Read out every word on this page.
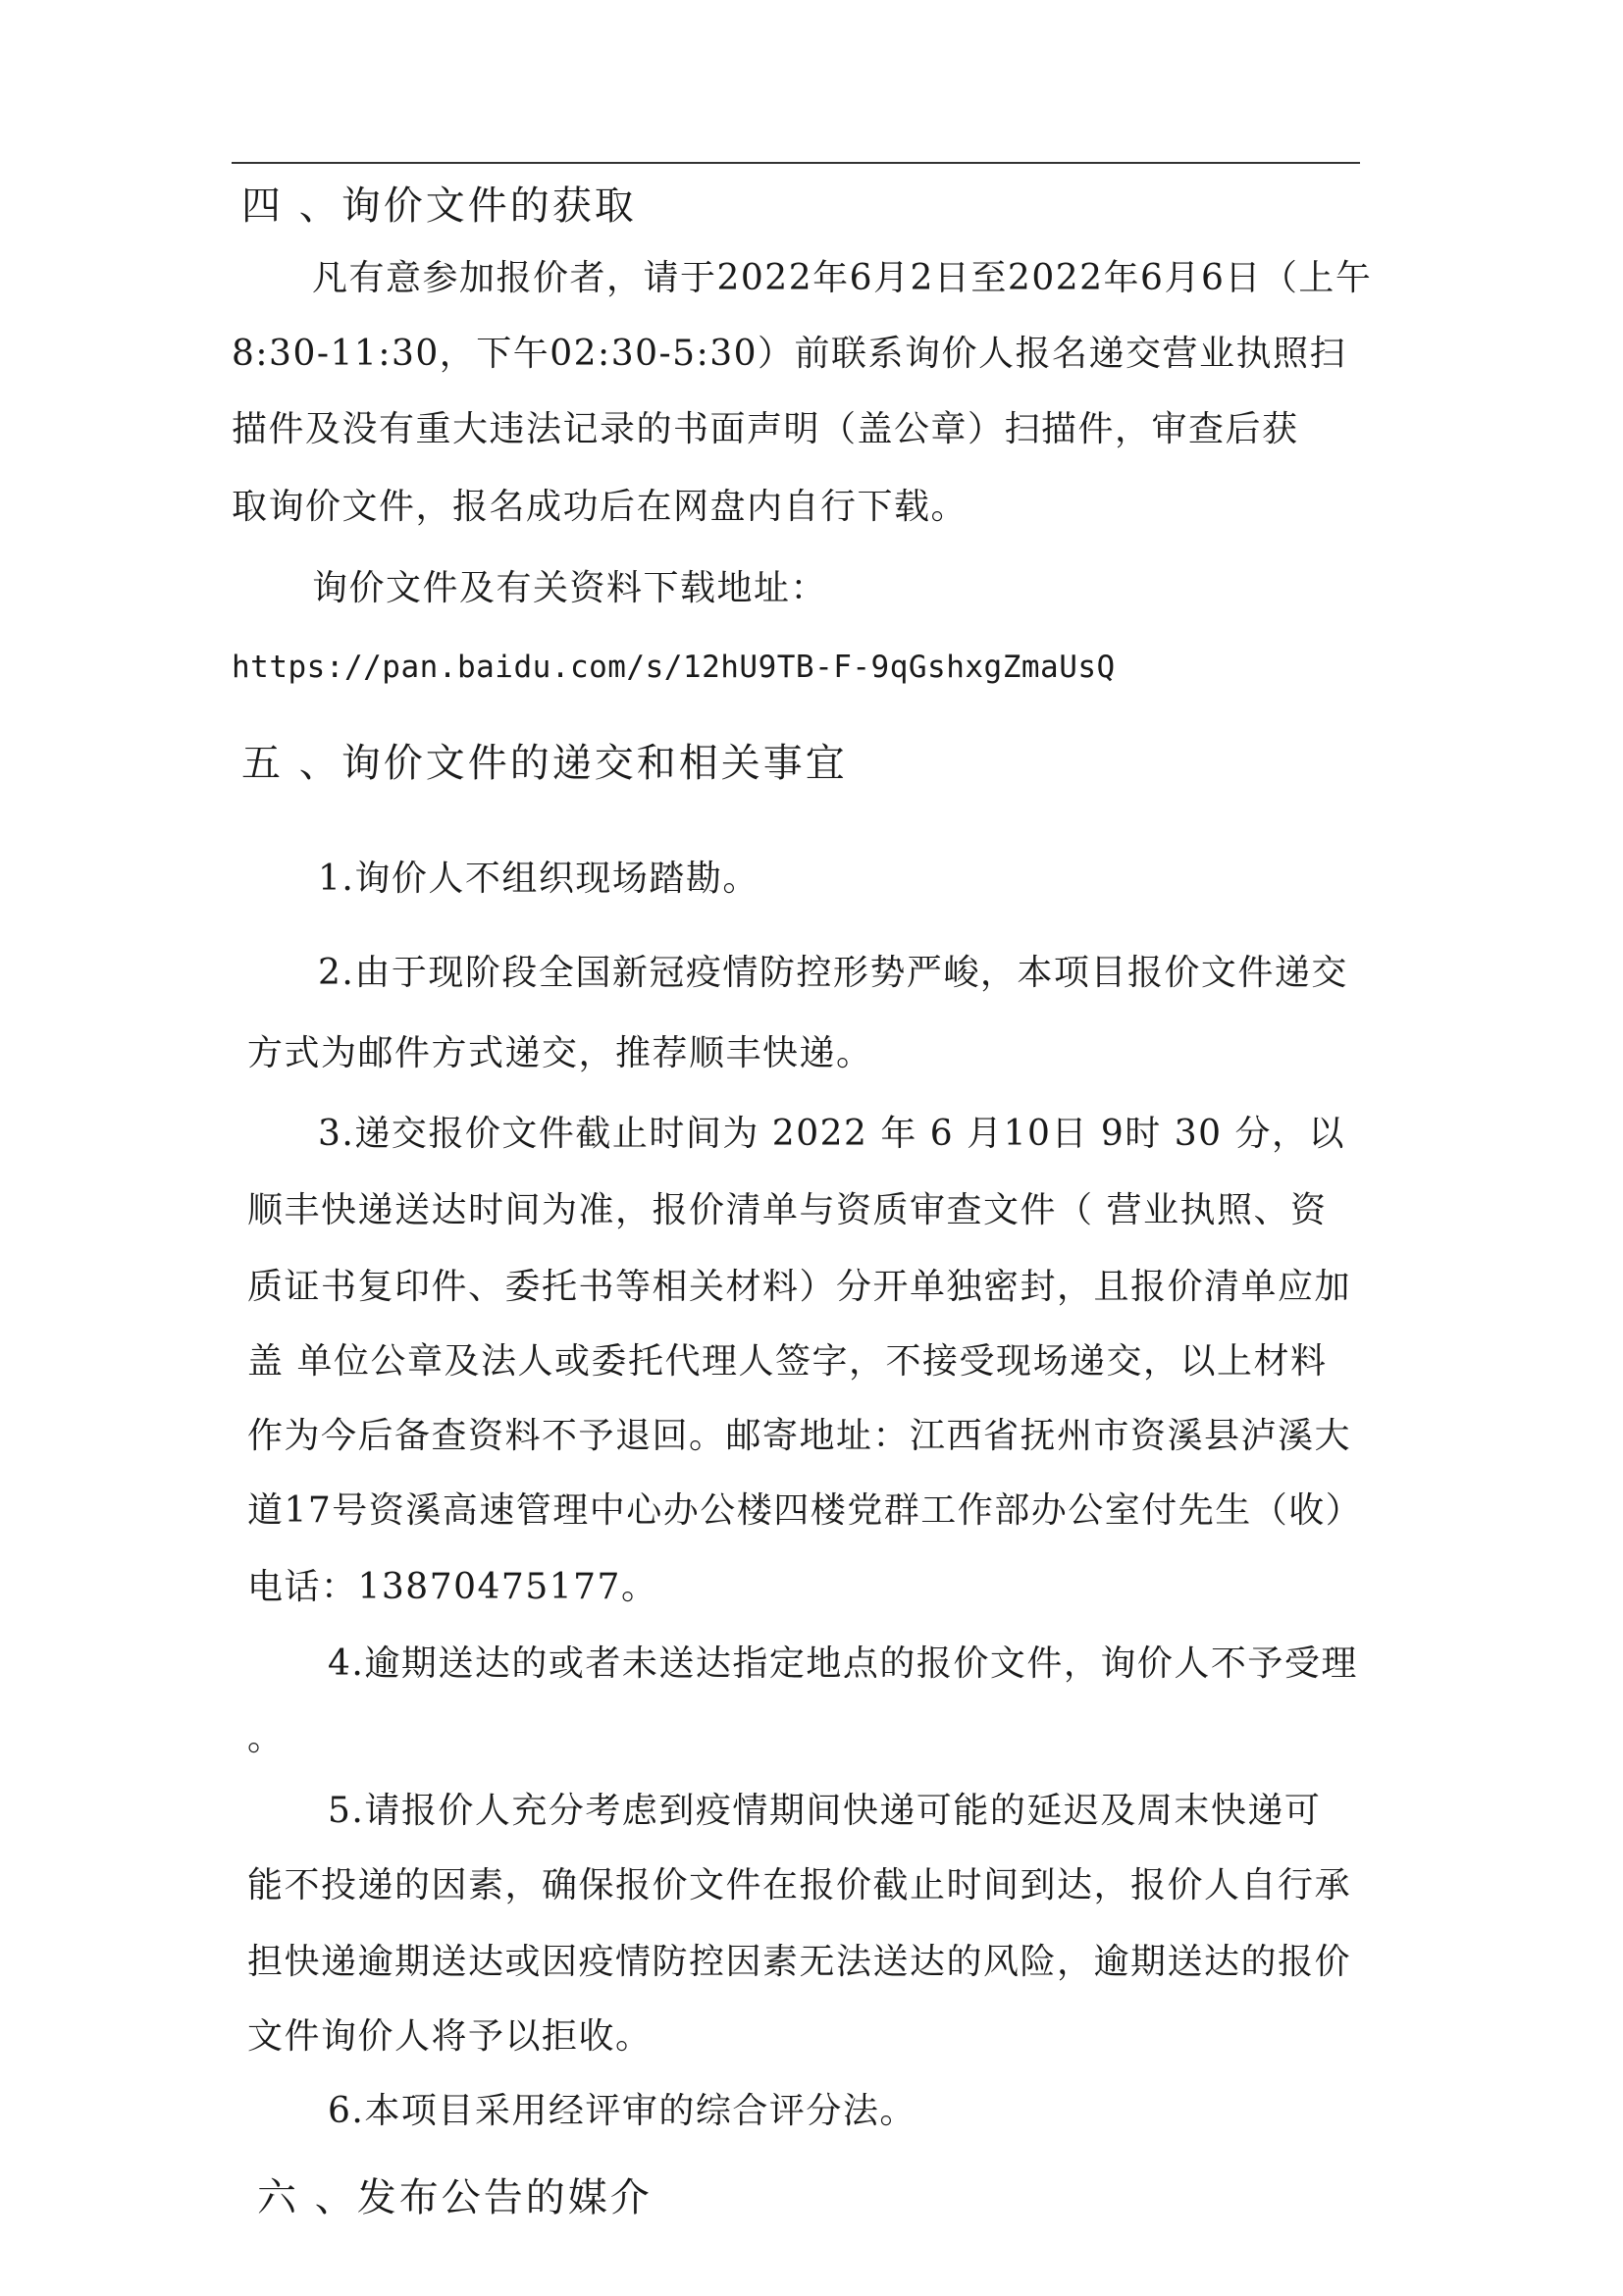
四 、询价文件的获取

凡有意参加报价者，请于2022年6月2日至2022年6月6日（上午

8:30-11:30，下午02:30-5:30）前联系询价人报名递交营业执照扫

描件及没有重大违法记录的书面声明（盖公章）扫描件，审查后获

取询价文件，报名成功后在网盘内自行下载。

询价文件及有关资料下载地址：

https://pan.baidu.com/s/12hU9TB-F-9qGshxgZmaUsQ

五 、询价文件的递交和相关事宜

1.询价人不组织现场踏勘。

2.由于现阶段全国新冠疫情防控形势严峻，本项目报价文件递交

方式为邮件方式递交，推荐顺丰快递。

3.递交报价文件截止时间为 2022 年 6 月10日 9时 30 分，以

顺丰快递送达时间为准，报价清单与资质审查文件（ 营业执照、资

质证书复印件、委托书等相关材料）分开单独密封，且报价清单应加

盖 单位公章及法人或委托代理人签字，不接受现场递交，以上材料

作为今后备查资料不予退回。邮寄地址：江西省抚州市资溪县泸溪大

道17号资溪高速管理中心办公楼四楼党群工作部办公室付先生（收）

电话：13870475177。

4.逾期送达的或者未送达指定地点的报价文件，询价人不予受理

。

5.请报价人充分考虑到疫情期间快递可能的延迟及周末快递可

能不投递的因素，确保报价文件在报价截止时间到达，报价人自行承

担快递逾期送达或因疫情防控因素无法送达的风险，逾期送达的报价

文件询价人将予以拒收。

6.本项目采用经评审的综合评分法。

六 、发布公告的媒介
